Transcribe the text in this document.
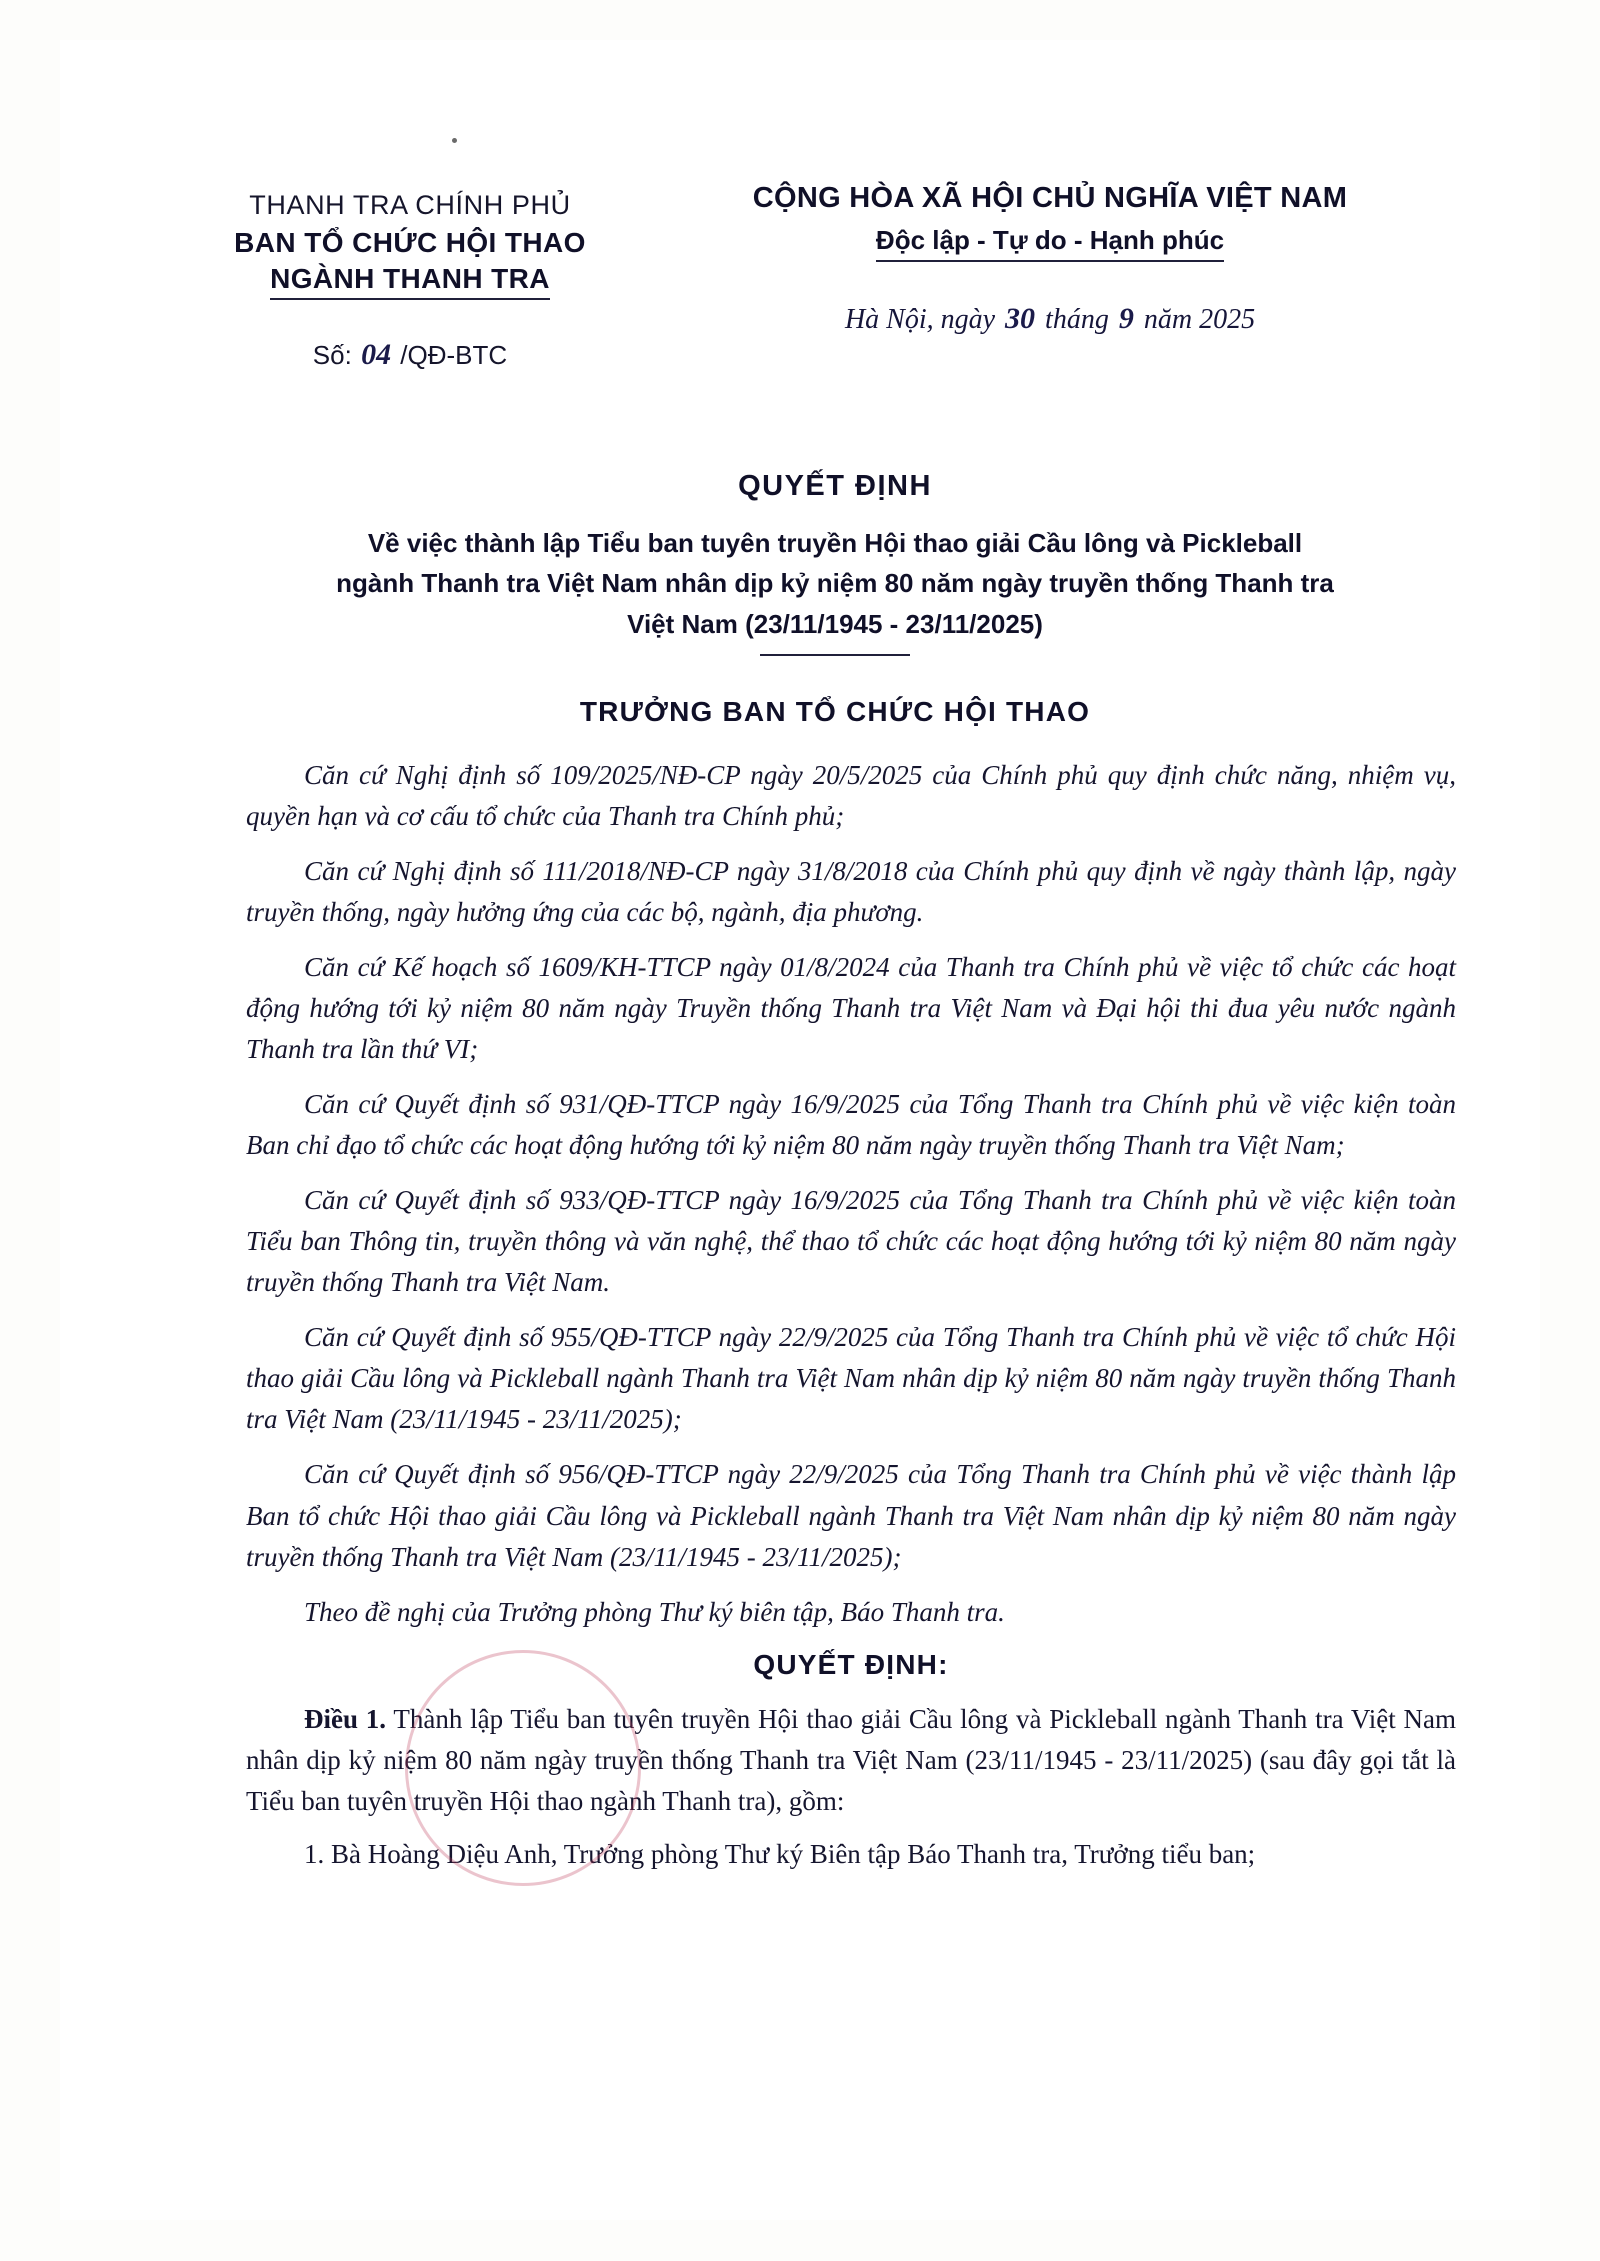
THANH TRA CHÍNH PHỦ
BAN TỔ CHỨC HỘI THAO
NGÀNH THANH TRA
Số: 04 /QĐ-BTC
CỘNG HÒA XÃ HỘI CHỦ NGHĨA VIỆT NAM
Độc lập - Tự do - Hạnh phúc
Hà Nội, ngày 30 tháng 9 năm 2025
QUYẾT ĐỊNH
Về việc thành lập Tiểu ban tuyên truyền Hội thao giải Cầu lông và Pickleball
ngành Thanh tra Việt Nam nhân dịp kỷ niệm 80 năm ngày truyền thống Thanh tra
Việt Nam (23/11/1945 - 23/11/2025)
TRƯỞNG BAN TỔ CHỨC HỘI THAO

Căn cứ Nghị định số 109/2025/NĐ-CP ngày 20/5/2025 của Chính phủ quy định chức năng, nhiệm vụ, quyền hạn và cơ cấu tổ chức của Thanh tra Chính phủ;

Căn cứ Nghị định số 111/2018/NĐ-CP ngày 31/8/2018 của Chính phủ quy định về ngày thành lập, ngày truyền thống, ngày hưởng ứng của các bộ, ngành, địa phương.

Căn cứ Kế hoạch số 1609/KH-TTCP ngày 01/8/2024 của Thanh tra Chính phủ về việc tổ chức các hoạt động hướng tới kỷ niệm 80 năm ngày Truyền thống Thanh tra Việt Nam và Đại hội thi đua yêu nước ngành Thanh tra lần thứ VI;

Căn cứ Quyết định số 931/QĐ-TTCP ngày 16/9/2025 của Tổng Thanh tra Chính phủ về việc kiện toàn Ban chỉ đạo tổ chức các hoạt động hướng tới kỷ niệm 80 năm ngày truyền thống Thanh tra Việt Nam;

Căn cứ Quyết định số 933/QĐ-TTCP ngày 16/9/2025 của Tổng Thanh tra Chính phủ về việc kiện toàn Tiểu ban Thông tin, truyền thông và văn nghệ, thể thao tổ chức các hoạt động hướng tới kỷ niệm 80 năm ngày truyền thống Thanh tra Việt Nam.

Căn cứ Quyết định số 955/QĐ-TTCP ngày 22/9/2025 của Tổng Thanh tra Chính phủ về việc tổ chức Hội thao giải Cầu lông và Pickleball ngành Thanh tra Việt Nam nhân dịp kỷ niệm 80 năm ngày truyền thống Thanh tra Việt Nam (23/11/1945 - 23/11/2025);

Căn cứ Quyết định số 956/QĐ-TTCP ngày 22/9/2025 của Tổng Thanh tra Chính phủ về việc thành lập Ban tổ chức Hội thao giải Cầu lông và Pickleball ngành Thanh tra Việt Nam nhân dịp kỷ niệm 80 năm ngày truyền thống Thanh tra Việt Nam (23/11/1945 - 23/11/2025);

Theo đề nghị của Trưởng phòng Thư ký biên tập, Báo Thanh tra.

QUYẾT ĐỊNH:

Điều 1. Thành lập Tiểu ban tuyên truyền Hội thao giải Cầu lông và Pickleball ngành Thanh tra Việt Nam nhân dịp kỷ niệm 80 năm ngày truyền thống Thanh tra Việt Nam (23/11/1945 - 23/11/2025) (sau đây gọi tắt là Tiểu ban tuyên truyền Hội thao ngành Thanh tra), gồm:

1. Bà Hoàng Diệu Anh, Trưởng phòng Thư ký Biên tập Báo Thanh tra, Trưởng tiểu ban;
